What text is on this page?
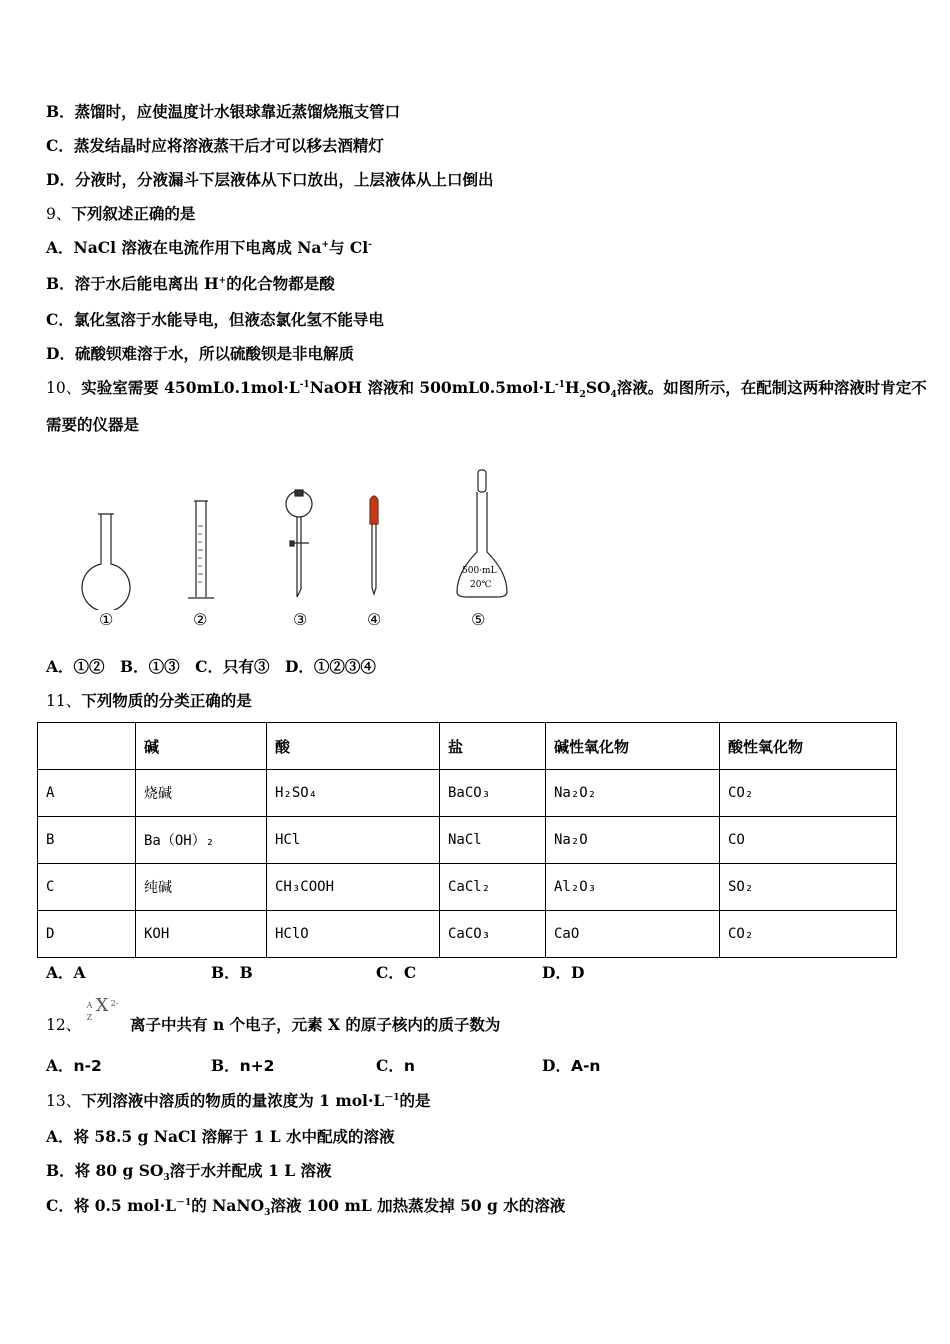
B．蒸馏时，应使温度计水银球靠近蒸馏烧瓶支管口
C．蒸发结晶时应将溶液蒸干后才可以移去酒精灯
D．分液时，分液漏斗下层液体从下口放出，上层液体从上口倒出
9、下列叙述正确的是
A．NaCl 溶液在电流作用下电离成 Na+与 Cl-
B．溶于水后能电离出 H+的化合物都是酸
C．氯化氢溶于水能导电，但液态氯化氢不能导电
D．硫酸钡难溶于水，所以硫酸钡是非电解质
10、实验室需要 $450mL0.1mol\cdot L^{-1}NaOH$ 溶液和 $500mL0.5mol\cdot L^{-1}H_2SO_4$溶液。如图所示，在配制这两种溶液时肯定不
需要的仪器是
A．①②　B．①③　C．只有③　D．①②③④
11、下列物质的分类正确的是
13、下列溶液中溶质的物质的量浓度为 1 $mol\cdot L^{-1}$的是
A．将 58.5 g NaCl 溶解于 1 L 水中配成的溶液
B．将 80 g $SO_3$溶于水并配成 1 L 溶液
C．将 0.5 $mol\cdot L^{-1}$的 NaNO$_3$溶液 100 mL 加热蒸发掉 50 g 水的溶液
500·mL
20℃
①	②	③	④	⑤
	碱	酸	盐	碱性氧化物	酸性氧化物
A	烧碱	H₂SO₄	BaCO₃	Na₂O₂	CO₂
B	Ba（OH）₂	HCl	NaCl	Na₂O	CO
C	纯碱	CH₃COOH	CaCl₂	Al₂O₃	SO₂
D	KOH	HClO	CaCO₃	CaO	CO₂
A．A	B．B	C．C	D．D
12、
A
Z
X 2-
离子中共有 n 个电子，元素 X 的原子核内的质子数为
A．n-2	B．n+2	C．n	D．A-n
